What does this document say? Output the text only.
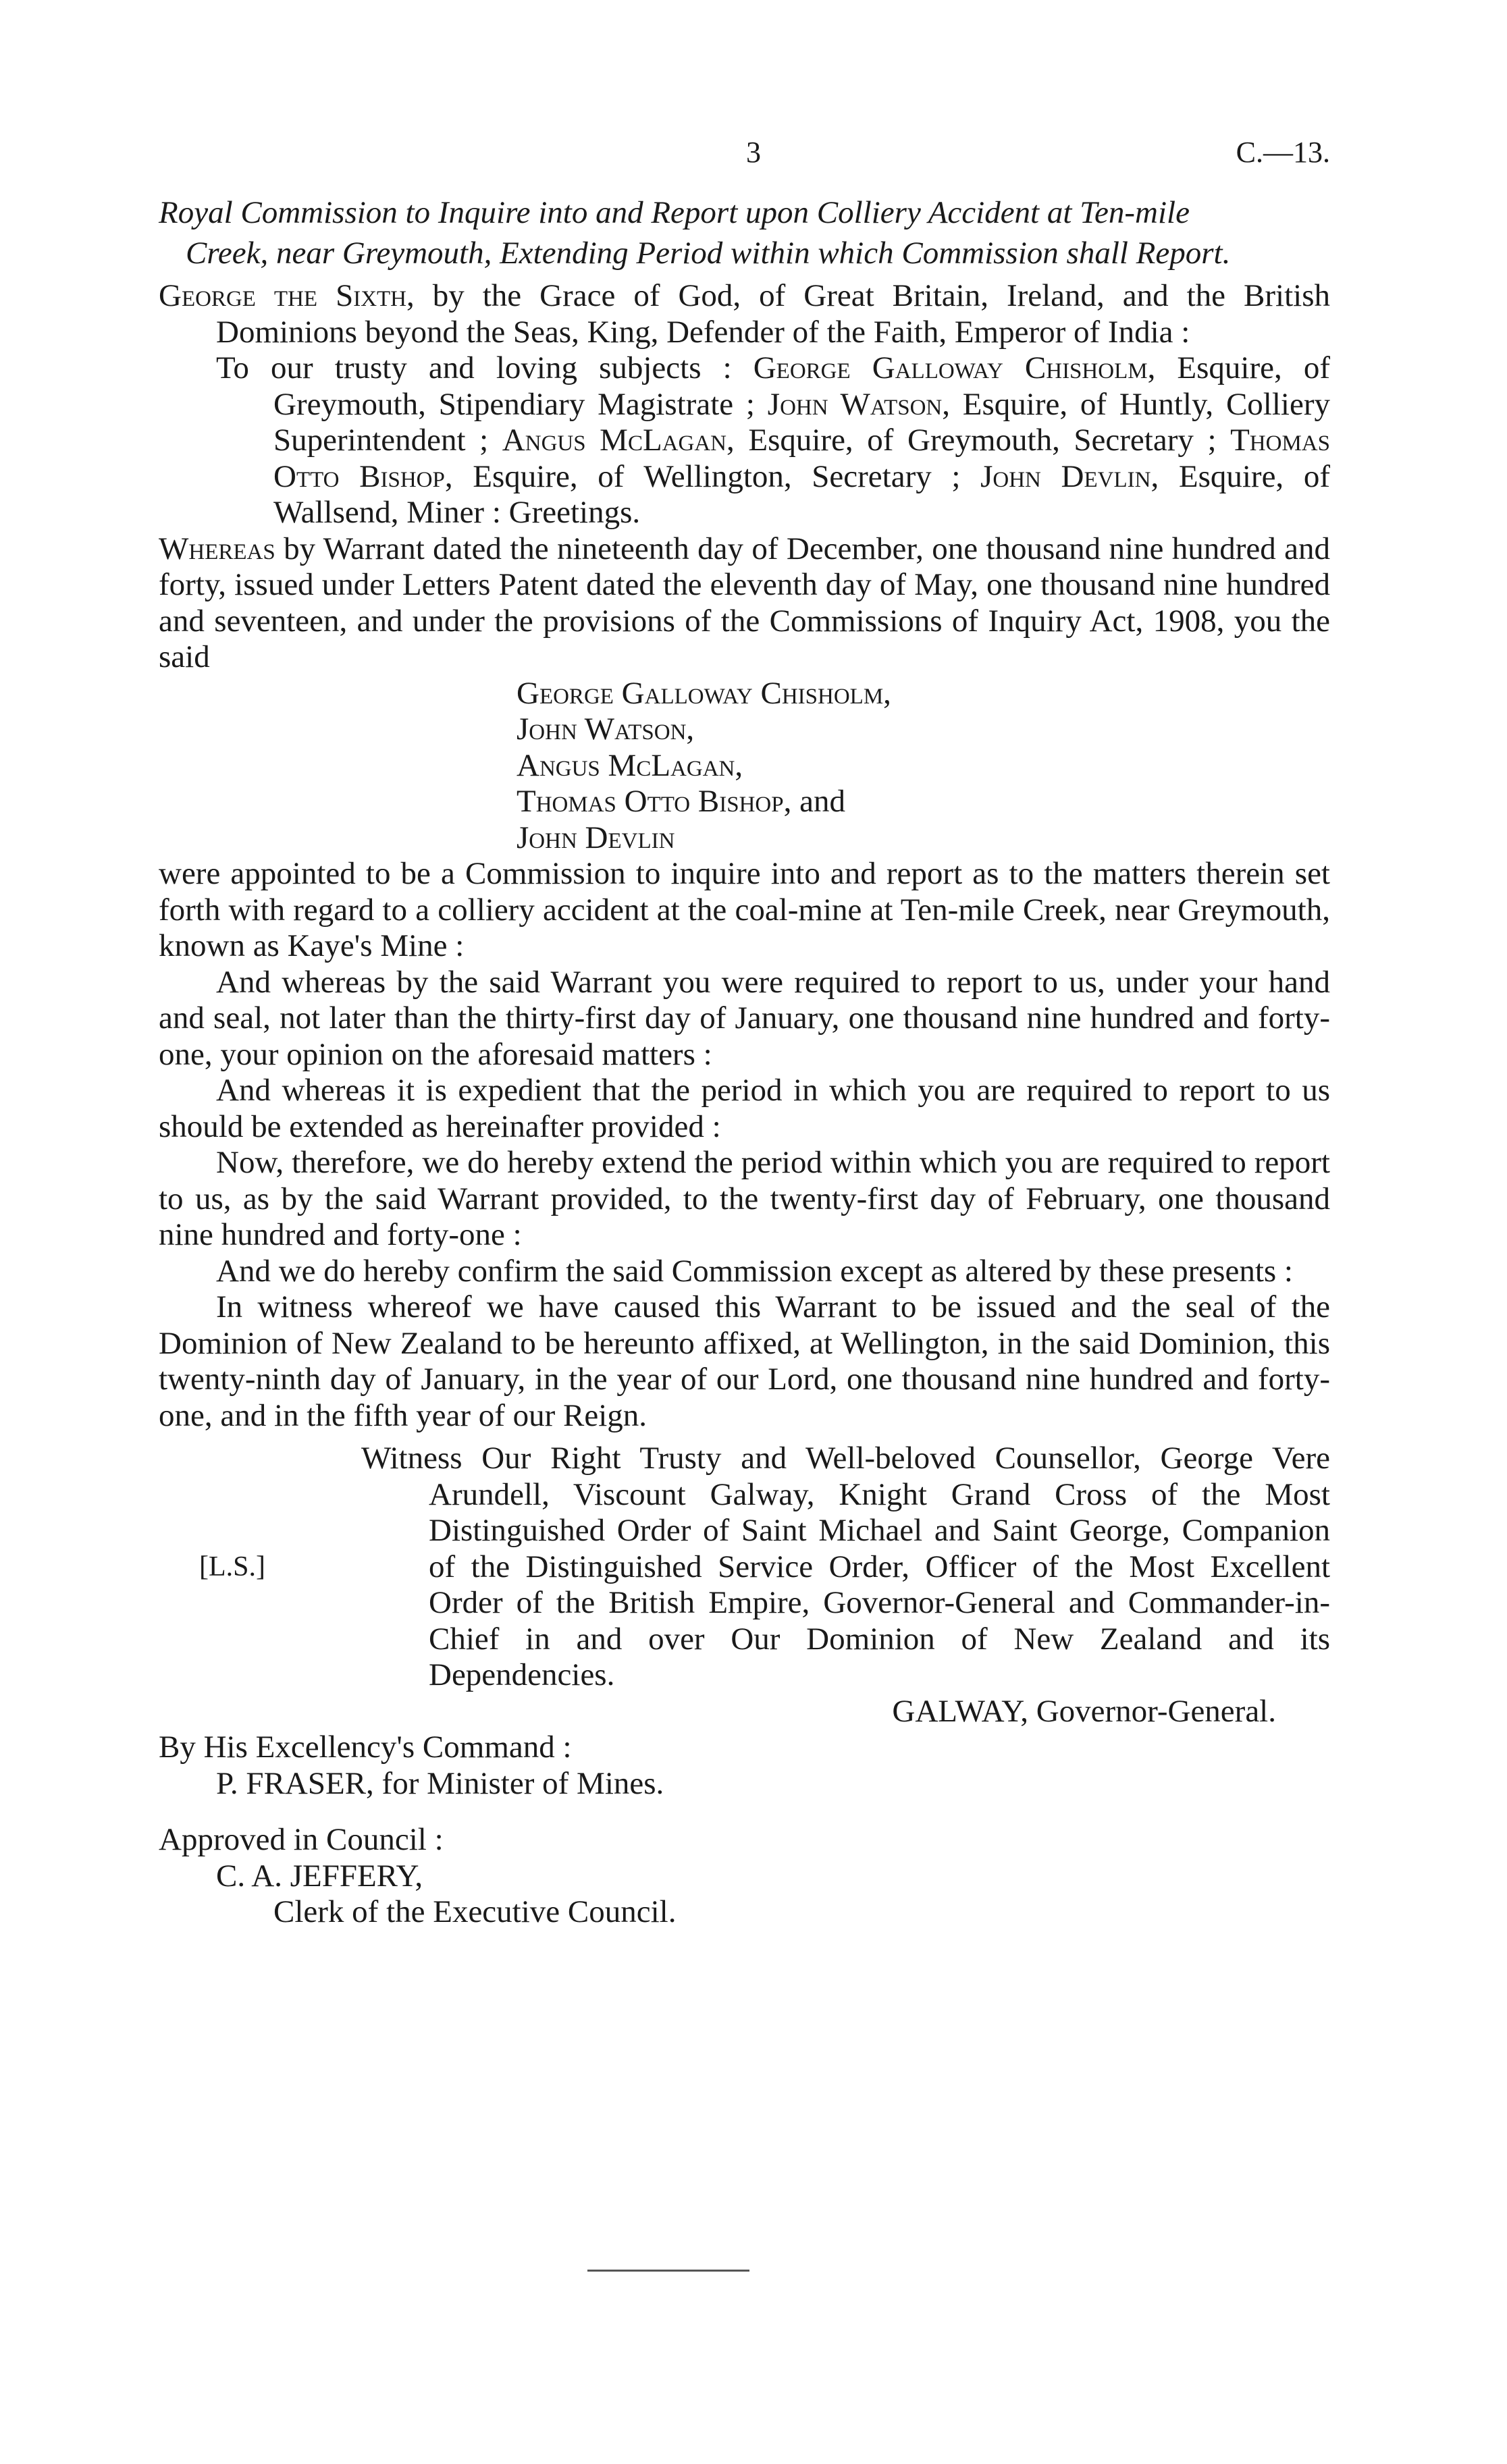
3	C.—13.
Royal Commission to Inquire into and Report upon Colliery Accident at Ten-mile
Creek, near Greymouth, Extending Period within which Commission shall Report.

George the Sixth, by the Grace of God, of Great Britain, Ireland, and the British Dominions beyond the Seas, King, Defender of the Faith, Emperor of India :

To our trusty and loving subjects : George Galloway Chisholm, Esquire, of Greymouth, Stipendiary Magistrate ; John Watson, Esquire, of Huntly, Colliery Superintendent ; Angus McLagan, Esquire, of Greymouth, Secretary ; Thomas Otto Bishop, Esquire, of Wellington, Secretary ; John Devlin, Esquire, of Wallsend, Miner : Greetings.

Whereas by Warrant dated the nineteenth day of December, one thousand nine hundred and forty, issued under Letters Patent dated the eleventh day of May, one thousand nine hundred and seventeen, and under the provisions of the Commissions of Inquiry Act, 1908, you the said

George Galloway Chisholm,
John Watson,
Angus McLagan,
Thomas Otto Bishop, and
John Devlin

were appointed to be a Commission to inquire into and report as to the matters therein set forth with regard to a colliery accident at the coal-mine at Ten-mile Creek, near Greymouth, known as Kaye's Mine :

And whereas by the said Warrant you were required to report to us, under your hand and seal, not later than the thirty-first day of January, one thousand nine hundred and forty-one, your opinion on the aforesaid matters :

And whereas it is expedient that the period in which you are required to report to us should be extended as hereinafter provided :

Now, therefore, we do hereby extend the period within which you are required to report to us, as by the said Warrant provided, to the twenty-first day of February, one thousand nine hundred and forty-one :

And we do hereby confirm the said Commission except as altered by these presents :

In witness whereof we have caused this Warrant to be issued and the seal of the Dominion of New Zealand to be hereunto affixed, at Wellington, in the said Dominion, this twenty-ninth day of January, in the year of our Lord, one thousand nine hundred and forty-one, and in the fifth year of our Reign.

[L.S.]

Witness Our Right Trusty and Well-beloved Counsellor, George Vere Arundell, Viscount Galway, Knight Grand Cross of the Most Distinguished Order of Saint Michael and Saint George, Companion of the Distinguished Service Order, Officer of the Most Excellent Order of the British Empire, Governor-General and Commander-in-Chief in and over Our Dominion of New Zealand and its Dependencies.

GALWAY, Governor-General.
By His Excellency's Command :
P. FRASER, for Minister of Mines.
Approved in Council :
C. A. JEFFERY,
Clerk of the Executive Council.
